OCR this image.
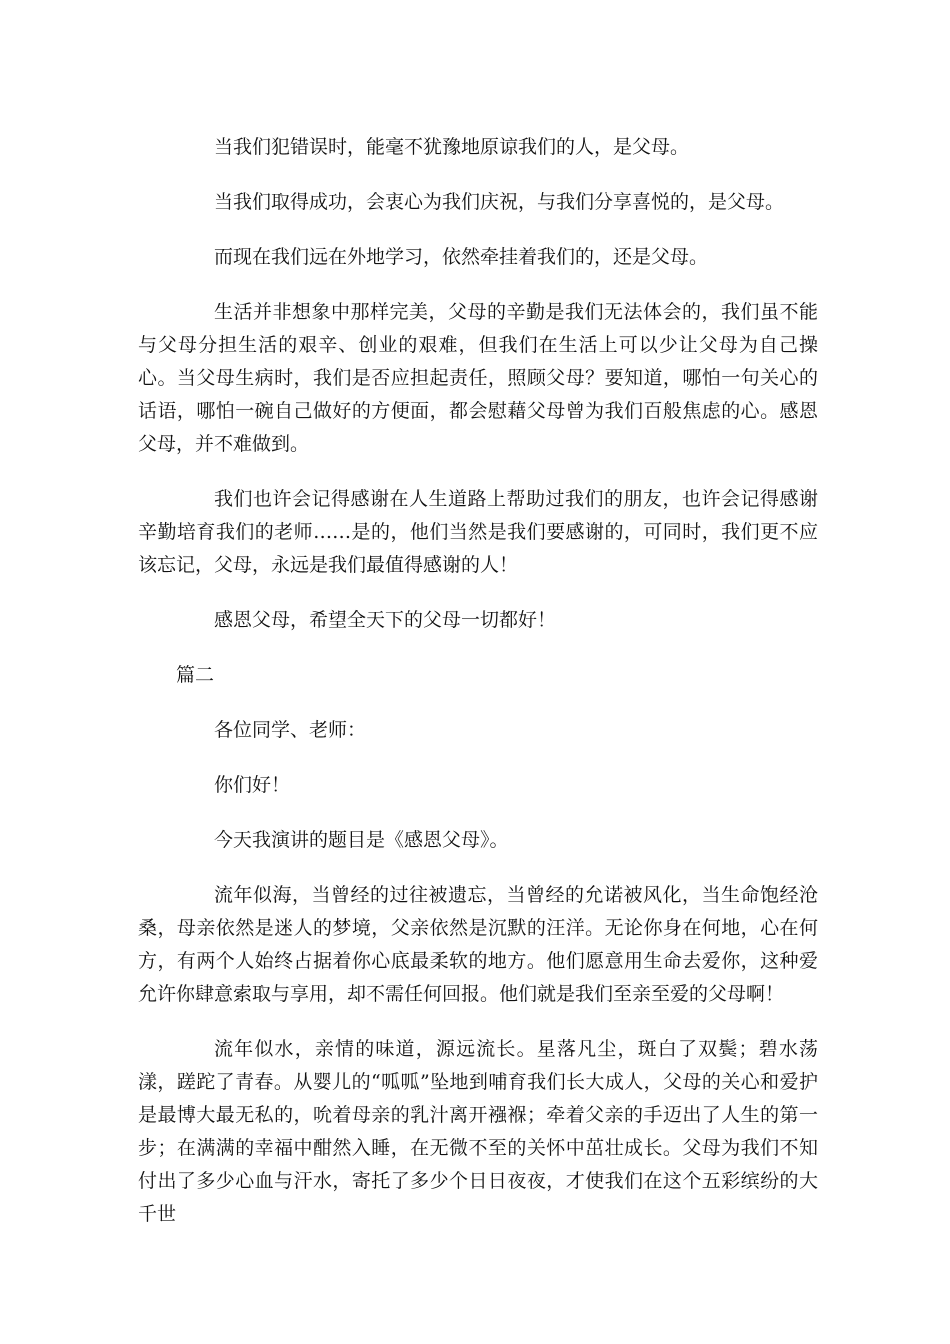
当我们犯错误时，能毫不犹豫地原谅我们的人，是父母。

当我们取得成功，会衷心为我们庆祝，与我们分享喜悦的，是父母。

而现在我们远在外地学习，依然牵挂着我们的，还是父母。

生活并非想象中那样完美，父母的辛勤是我们无法体会的，我们虽不能与父母分担生活的艰辛、创业的艰难，但我们在生活上可以少让父母为自己操心。当父母生病时，我们是否应担起责任，照顾父母？要知道，哪怕一句关心的话语，哪怕一碗自己做好的方便面，都会慰藉父母曾为我们百般焦虑的心。感恩父母，并不难做到。

我们也许会记得感谢在人生道路上帮助过我们的朋友，也许会记得感谢辛勤培育我们的老师……是的，他们当然是我们要感谢的，可同时，我们更不应该忘记，父母，永远是我们最值得感谢的人！

感恩父母，希望全天下的父母一切都好！

篇二

各位同学、老师：

你们好！

今天我演讲的题目是《感恩父母》。

流年似海，当曾经的过往被遗忘，当曾经的允诺被风化，当生命饱经沧桑，母亲依然是迷人的梦境，父亲依然是沉默的汪洋。无论你身在何地，心在何方，有两个人始终占据着你心底最柔软的地方。他们愿意用生命去爱你，这种爱允许你肆意索取与享用，却不需任何回报。他们就是我们至亲至爱的父母啊！

流年似水，亲情的味道，源远流长。星落凡尘，斑白了双鬓；碧水荡漾，蹉跎了青春。从婴儿的“呱呱”坠地到哺育我们长大成人，父母的关心和爱护是最博大最无私的，吮着母亲的乳汁离开襁褓；牵着父亲的手迈出了人生的第一步；在满满的幸福中酣然入睡，在无微不至的关怀中茁壮成长。父母为我们不知付出了多少心血与汗水，寄托了多少个日日夜夜，才使我们在这个五彩缤纷的大千世
